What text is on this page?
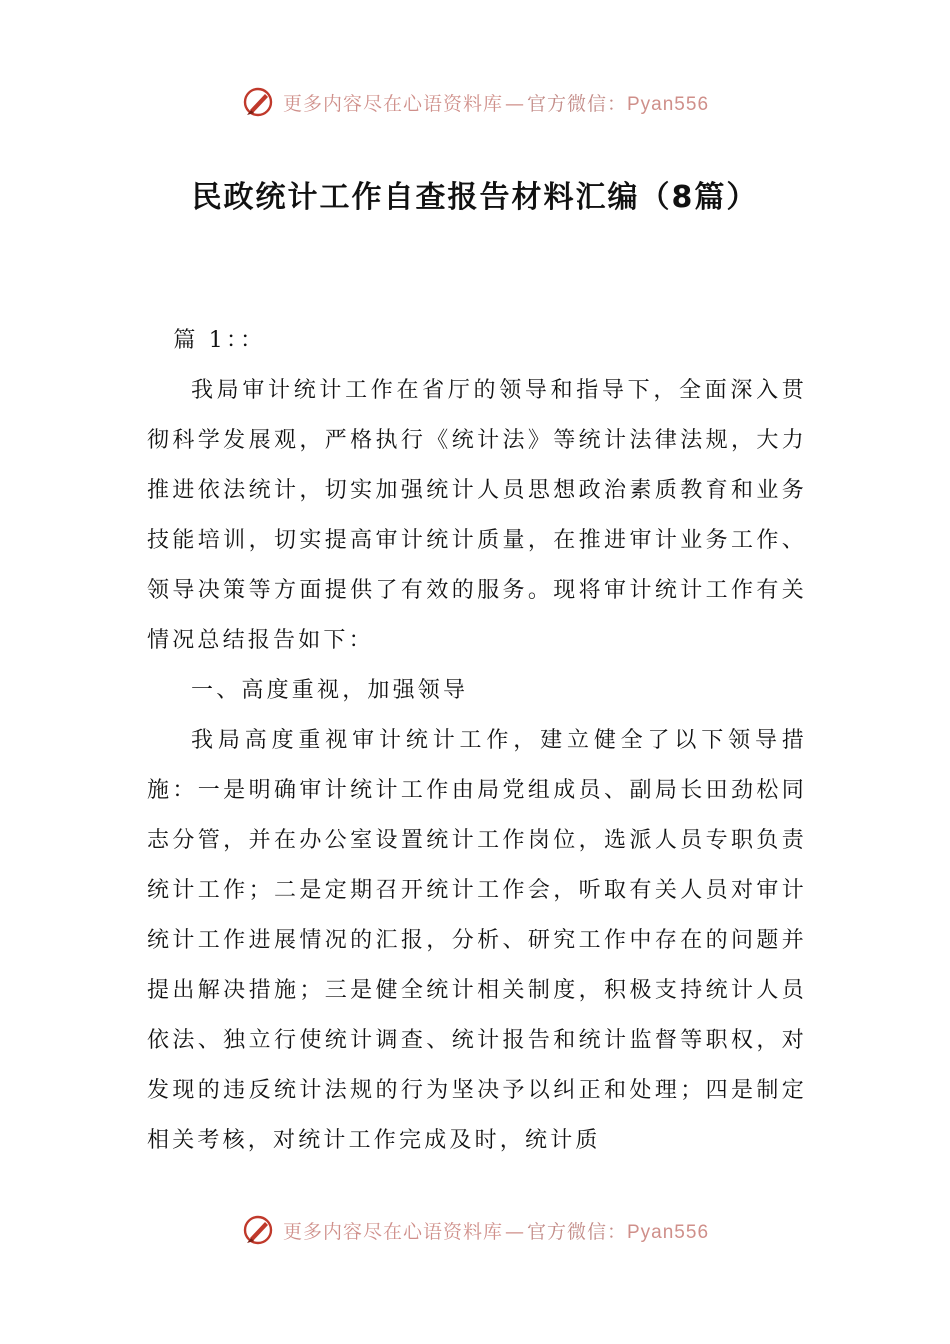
更多内容尽在心语资料库 — 官方微信：Pyan556
民政统计工作自查报告材料汇编（8篇）

篇 1：：

我局审计统计工作在省厅的领导和指导下，全面深入贯彻科学发展观，严格执行《统计法》等统计法律法规，大力推进依法统计，切实加强统计人员思想政治素质教育和业务技能培训，切实提高审计统计质量，在推进审计业务工作、领导决策等方面提供了有效的服务。现将审计统计工作有关情况总结报告如下：

一、高度重视，加强领导

我局高度重视审计统计工作，建立健全了以下领导措施：一是明确审计统计工作由局党组成员、副局长田劲松同志分管，并在办公室设置统计工作岗位，选派人员专职负责统计工作；二是定期召开统计工作会，听取有关人员对审计统计工作进展情况的汇报，分析、研究工作中存在的问题并提出解决措施；三是健全统计相关制度，积极支持统计人员依法、独立行使统计调查、统计报告和统计监督等职权，对发现的违反统计法规的行为坚决予以纠正和处理；四是制定相关考核，对统计工作完成及时，统计质

更多内容尽在心语资料库 — 官方微信：Pyan556
